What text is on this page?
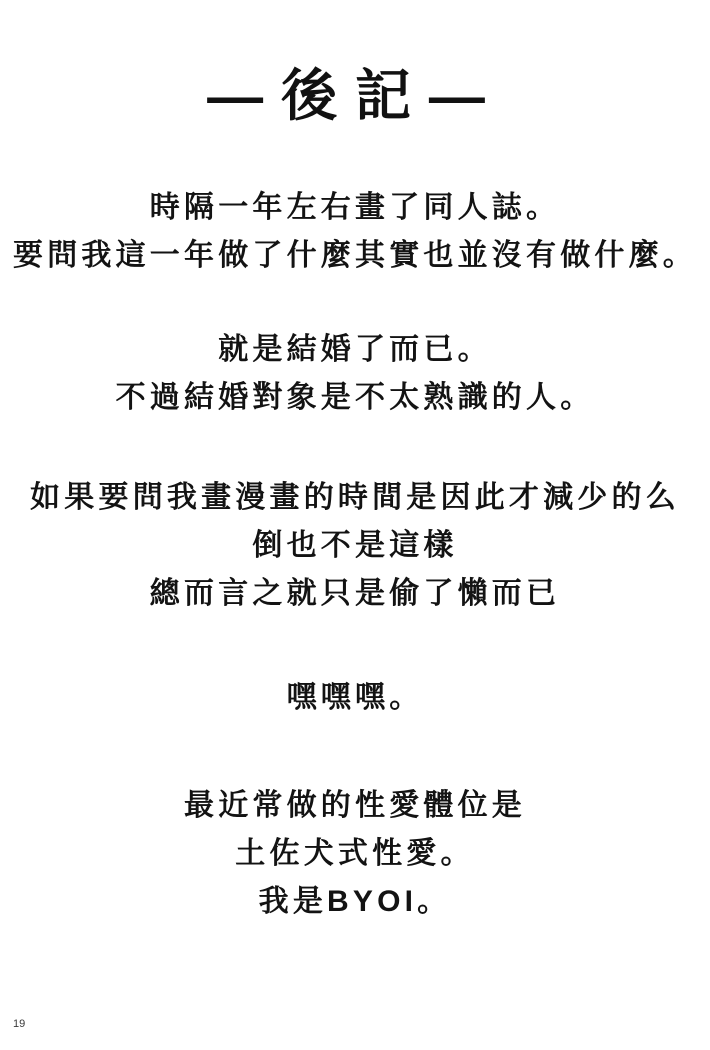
—後記—

時隔一年左右畫了同人誌。

要問我這一年做了什麼其實也並沒有做什麼。

就是結婚了而已。

不過結婚對象是不太熟識的人。

如果要問我畫漫畫的時間是因此才減少的么

倒也不是這樣

總而言之就只是偷了懶而已

嘿嘿嘿。

最近常做的性愛體位是

土佐犬式性愛。

我是BYOI。

19
